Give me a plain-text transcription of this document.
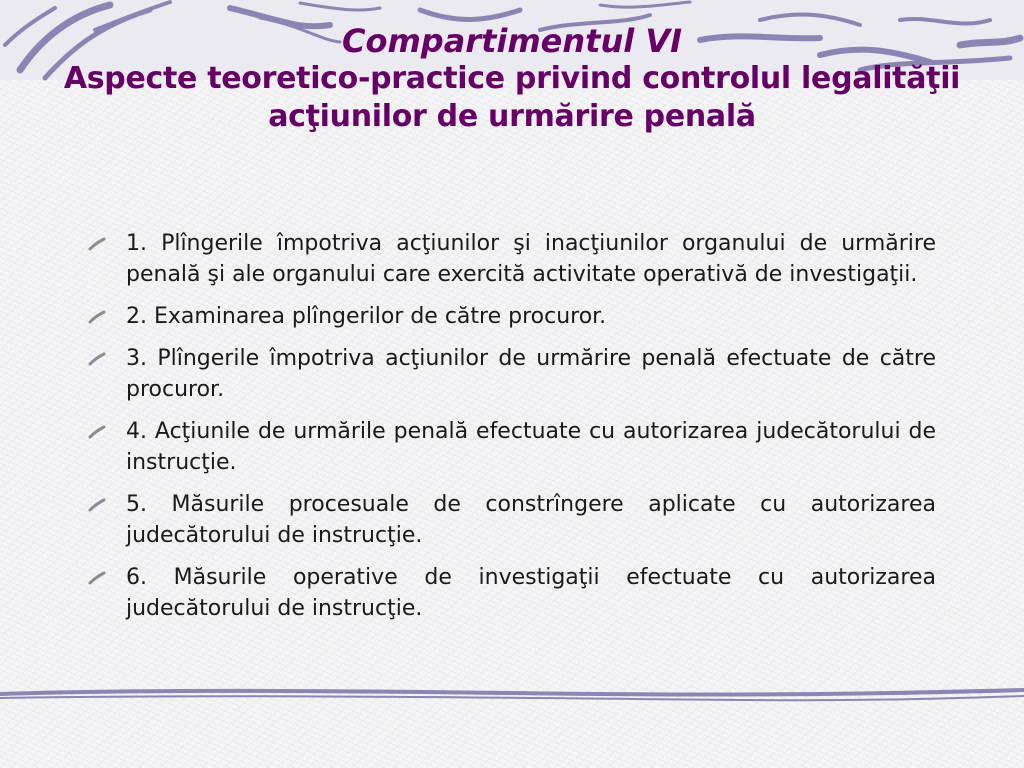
Compartimentul VI
Aspecte teoretico-practice privind controlul legalităţii acţiunilor de urmărire penală
1. Plîngerile împotriva acţiunilor şi inacţiunilor organului de urmărire penală şi ale organului care exercită activitate operativă de investigaţii.
2. Examinarea plîngerilor de către procuror.
3. Plîngerile împotriva acţiunilor de urmărire penală efectuate de către procuror.
4. Acţiunile de urmările penală efectuate cu autorizarea judecătorului de instrucţie.
5. Măsurile procesuale de constrîngere aplicate cu autorizarea judecătorului de instrucţie.
6. Măsurile operative de investigaţii efectuate cu autorizarea judecătorului de instrucţie.
